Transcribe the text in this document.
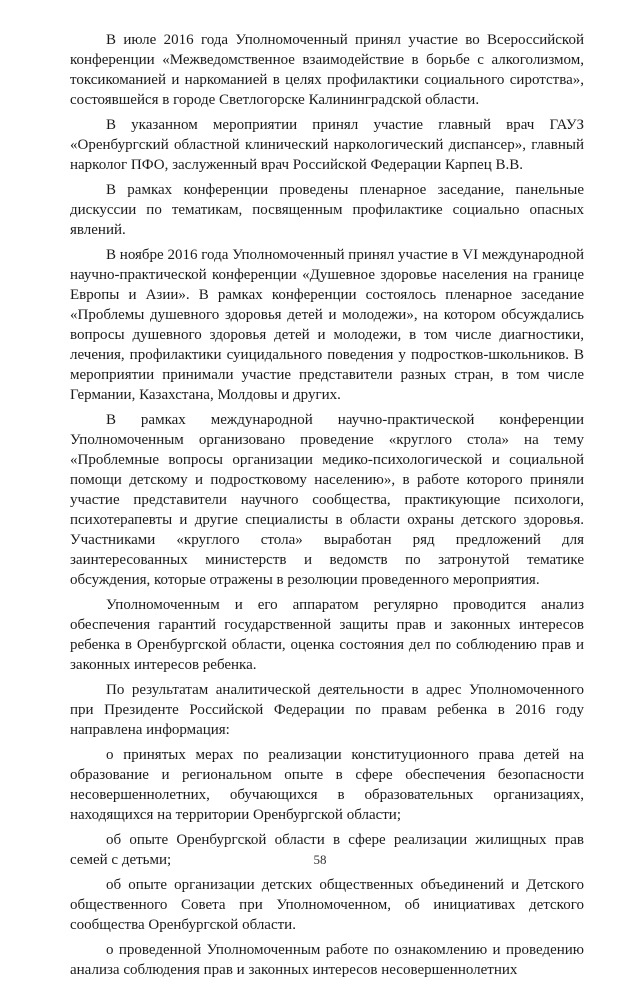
В июле 2016 года Уполномоченный принял участие во Всероссийской конференции «Межведомственное взаимодействие в борьбе с алкоголизмом, токсикоманией и наркоманией в целях профилактики социального сиротства», состоявшейся в городе Светлогорске Калининградской области.

В указанном мероприятии принял участие главный врач ГАУЗ «Оренбургский областной клинический наркологический диспансер», главный нарколог ПФО, заслуженный врач Российской Федерации Карпец В.В.

В рамках конференции проведены пленарное заседание, панельные дискуссии по тематикам, посвященным профилактике социально опасных явлений.

В ноябре 2016 года Уполномоченный принял участие в VI международной научно-практической конференции «Душевное здоровье населения на границе Европы и Азии». В рамках конференции состоялось пленарное заседание «Проблемы душевного здоровья детей и молодежи», на котором обсуждались вопросы душевного здоровья детей и молодежи, в том числе диагностики, лечения, профилактики суицидального поведения у подростков-школьников. В мероприятии принимали участие представители разных стран, в том числе Германии, Казахстана, Молдовы и других.

В рамках международной научно-практической конференции Уполномоченным организовано проведение «круглого стола» на тему «Проблемные вопросы организации медико-психологической и социальной помощи детскому и подростковому населению», в работе которого приняли участие представители научного сообщества, практикующие психологи, психотерапевты и другие специалисты в области охраны детского здоровья. Участниками «круглого стола» выработан ряд предложений для заинтересованных министерств и ведомств по затронутой тематике обсуждения, которые отражены в резолюции проведенного мероприятия.

Уполномоченным и его аппаратом регулярно проводится анализ обеспечения гарантий государственной защиты прав и законных интересов ребенка в Оренбургской области, оценка состояния дел по соблюдению прав и законных интересов ребенка.

По результатам аналитической деятельности в адрес Уполномоченного при Президенте Российской Федерации по правам ребенка в 2016 году направлена информация:

о принятых мерах по реализации конституционного права детей на образование и региональном опыте в сфере обеспечения безопасности несовершеннолетних, обучающихся в образовательных организациях, находящихся на территории Оренбургской области;

об опыте Оренбургской области в сфере реализации жилищных прав семей с детьми;

об опыте организации детских общественных объединений и Детского общественного Совета при Уполномоченном, об инициативах детского сообщества Оренбургской области.

о проведенной Уполномоченным работе по ознакомлению и проведению анализа соблюдения прав и законных интересов несовершеннолетних

58
